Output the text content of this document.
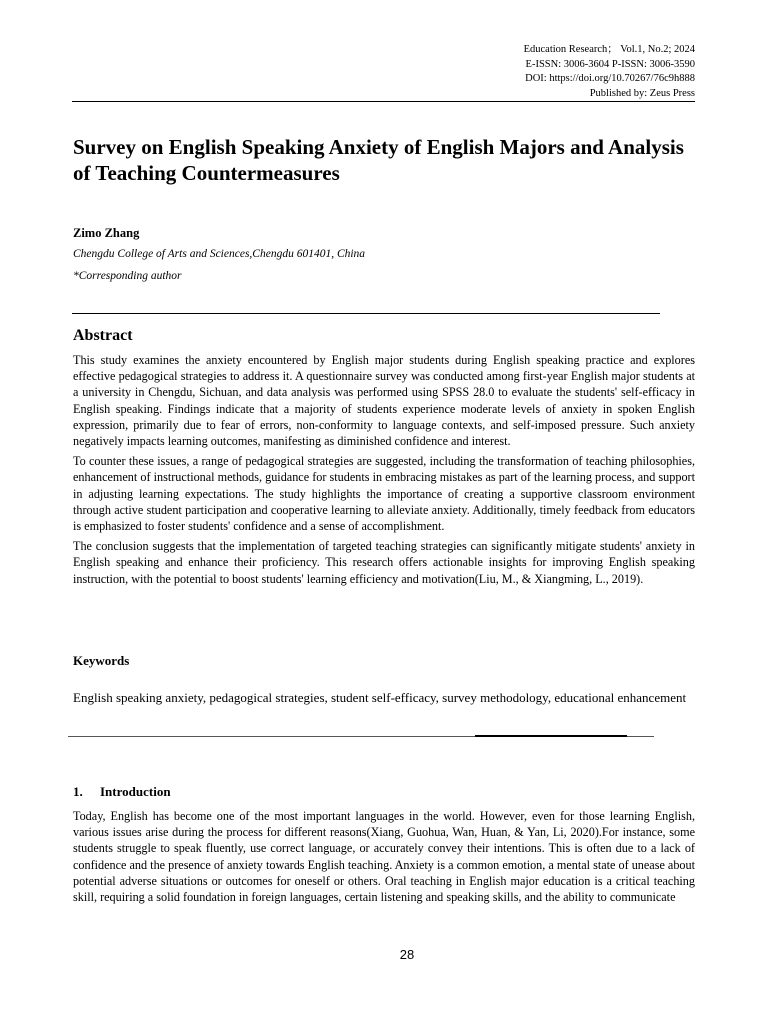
Education Research； Vol.1, No.2; 2024
E-ISSN: 3006-3604 P-ISSN: 3006-3590
DOI: https://doi.org/10.70267/76c9h888
Published by: Zeus Press
Survey on English Speaking Anxiety of English Majors and Analysis of Teaching Countermeasures
Zimo Zhang
Chengdu College of Arts and Sciences,Chengdu 601401, China
*Corresponding author
Abstract

This study examines the anxiety encountered by English major students during English speaking practice and explores effective pedagogical strategies to address it. A questionnaire survey was conducted among first-year English major students at a university in Chengdu, Sichuan, and data analysis was performed using SPSS 28.0 to evaluate the students' self-efficacy in English speaking. Findings indicate that a majority of students experience moderate levels of anxiety in spoken English expression, primarily due to fear of errors, non-conformity to language contexts, and self-imposed pressure. Such anxiety negatively impacts learning outcomes, manifesting as diminished confidence and interest.

To counter these issues, a range of pedagogical strategies are suggested, including the transformation of teaching philosophies, enhancement of instructional methods, guidance for students in embracing mistakes as part of the learning process, and support in adjusting learning expectations. The study highlights the importance of creating a supportive classroom environment through active student participation and cooperative learning to alleviate anxiety. Additionally, timely feedback from educators is emphasized to foster students' confidence and a sense of accomplishment.

The conclusion suggests that the implementation of targeted teaching strategies can significantly mitigate students' anxiety in English speaking and enhance their proficiency. This research offers actionable insights for improving English speaking instruction, with the potential to boost students' learning efficiency and motivation(Liu, M., & Xiangming, L., 2019).

Keywords
English speaking anxiety, pedagogical strategies, student self-efficacy, survey methodology, educational enhancement
1. Introduction

Today, English has become one of the most important languages in the world. However, even for those learning English, various issues arise during the process for different reasons(Xiang, Guohua, Wan, Huan, & Yan, Li, 2020).For instance, some students struggle to speak fluently, use correct language, or accurately convey their intentions. This is often due to a lack of confidence and the presence of anxiety towards English teaching. Anxiety is a common emotion, a mental state of unease about potential adverse situations or outcomes for oneself or others. Oral teaching in English major education is a critical teaching skill, requiring a solid foundation in foreign languages, certain listening and speaking skills, and the ability to communicate

28
